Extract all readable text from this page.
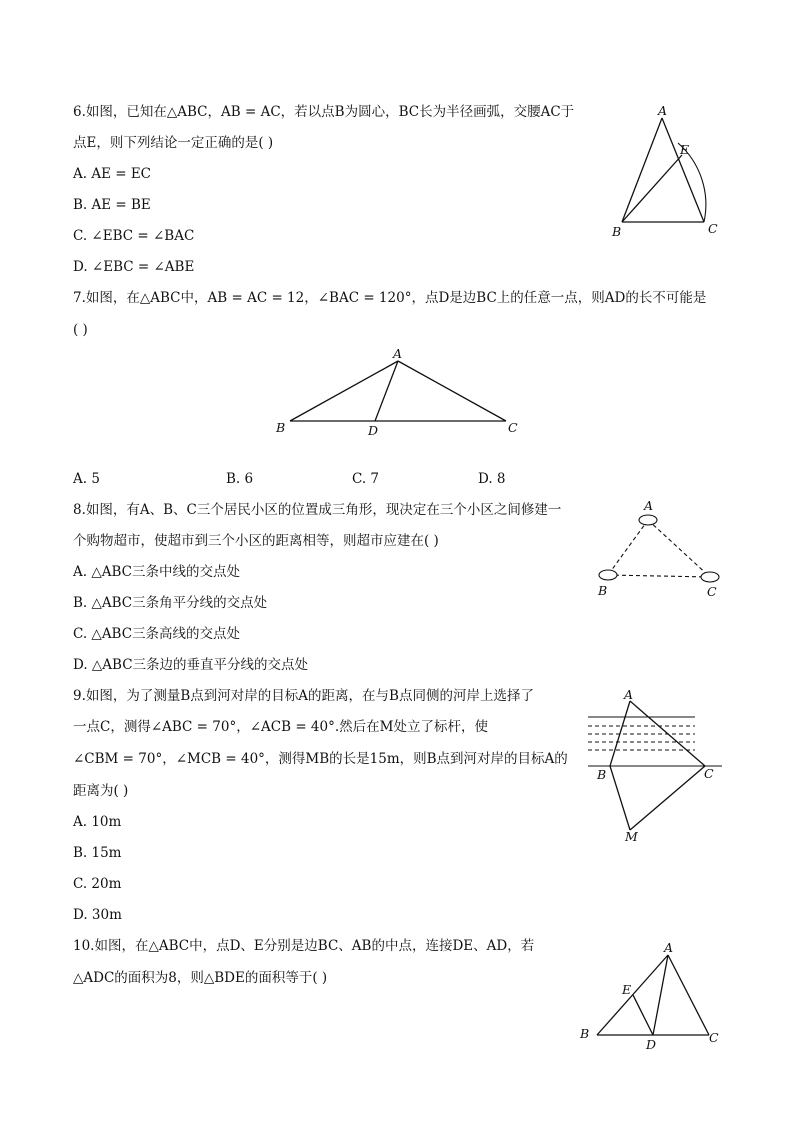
6.如图，已知在△ABC，AB = AC，若以点B为圆心，BC长为半径画弧，交腰AC于
点E，则下列结论一定正确的是( )
A. AE = EC
B. AE = BE
C. ∠EBC = ∠BAC
D. ∠EBC = ∠ABE
A
E
B	C
7.如图，在△ABC中，AB = AC = 12，∠BAC = 120°，点D是边BC上的任意一点，则AD的长不可能是
( )
A
B	D	C
A. 5	B. 6	C. 7	D. 8
8.如图，有A、B、C三个居民小区的位置成三角形，现决定在三个小区之间修建一
个购物超市，使超市到三个小区的距离相等，则超市应建在( )
A. △ABC三条中线的交点处
B. △ABC三条角平分线的交点处
C. △ABC三条高线的交点处
D. △ABC三条边的垂直平分线的交点处
A
B	C
9.如图，为了测量B点到河对岸的目标A的距离，在与B点同侧的河岸上选择了
一点C，测得∠ABC = 70°，∠ACB = 40°.然后在M处立了标杆，使
∠CBM = 70°，∠MCB = 40°，测得MB的长是15m，则B点到河对岸的目标A的
距离为( )
A. 10m
B. 15m
C. 20m
D. 30m
A
B	C
M
10.如图，在△ABC中，点D、E分别是边BC、AB的中点，连接DE、AD，若
△ADC的面积为8，则△BDE的面积等于( )
A
E
B
D	C
